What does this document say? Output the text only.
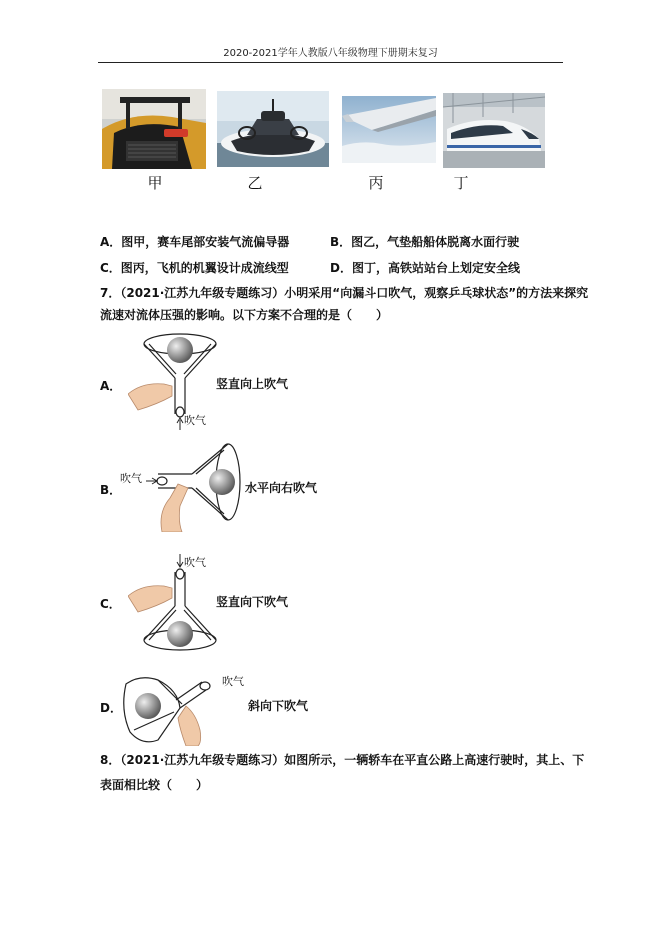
2020-2021学年人教版八年级物理下册期末复习
甲	乙	丙	丁
A．图甲，赛车尾部安装气流偏导器	B．图乙，气垫船船体脱离水面行驶
C．图丙，飞机的机翼设计成流线型	D．图丁，高铁站站台上划定安全线
7．（2021·江苏九年级专题练习）小明采用“向漏斗口吹气，观察乒乓球状态”的方法来探究
流速对流体压强的影响。以下方案不合理的是（　　）
A．
吹气
竖直向上吹气
B．
吹气
水平向右吹气
C．
吹气
竖直向下吹气
D．
吹气
斜向下吹气
8．（2021·江苏九年级专题练习）如图所示，一辆轿车在平直公路上高速行驶时，其上、下
表面相比较（　　）
